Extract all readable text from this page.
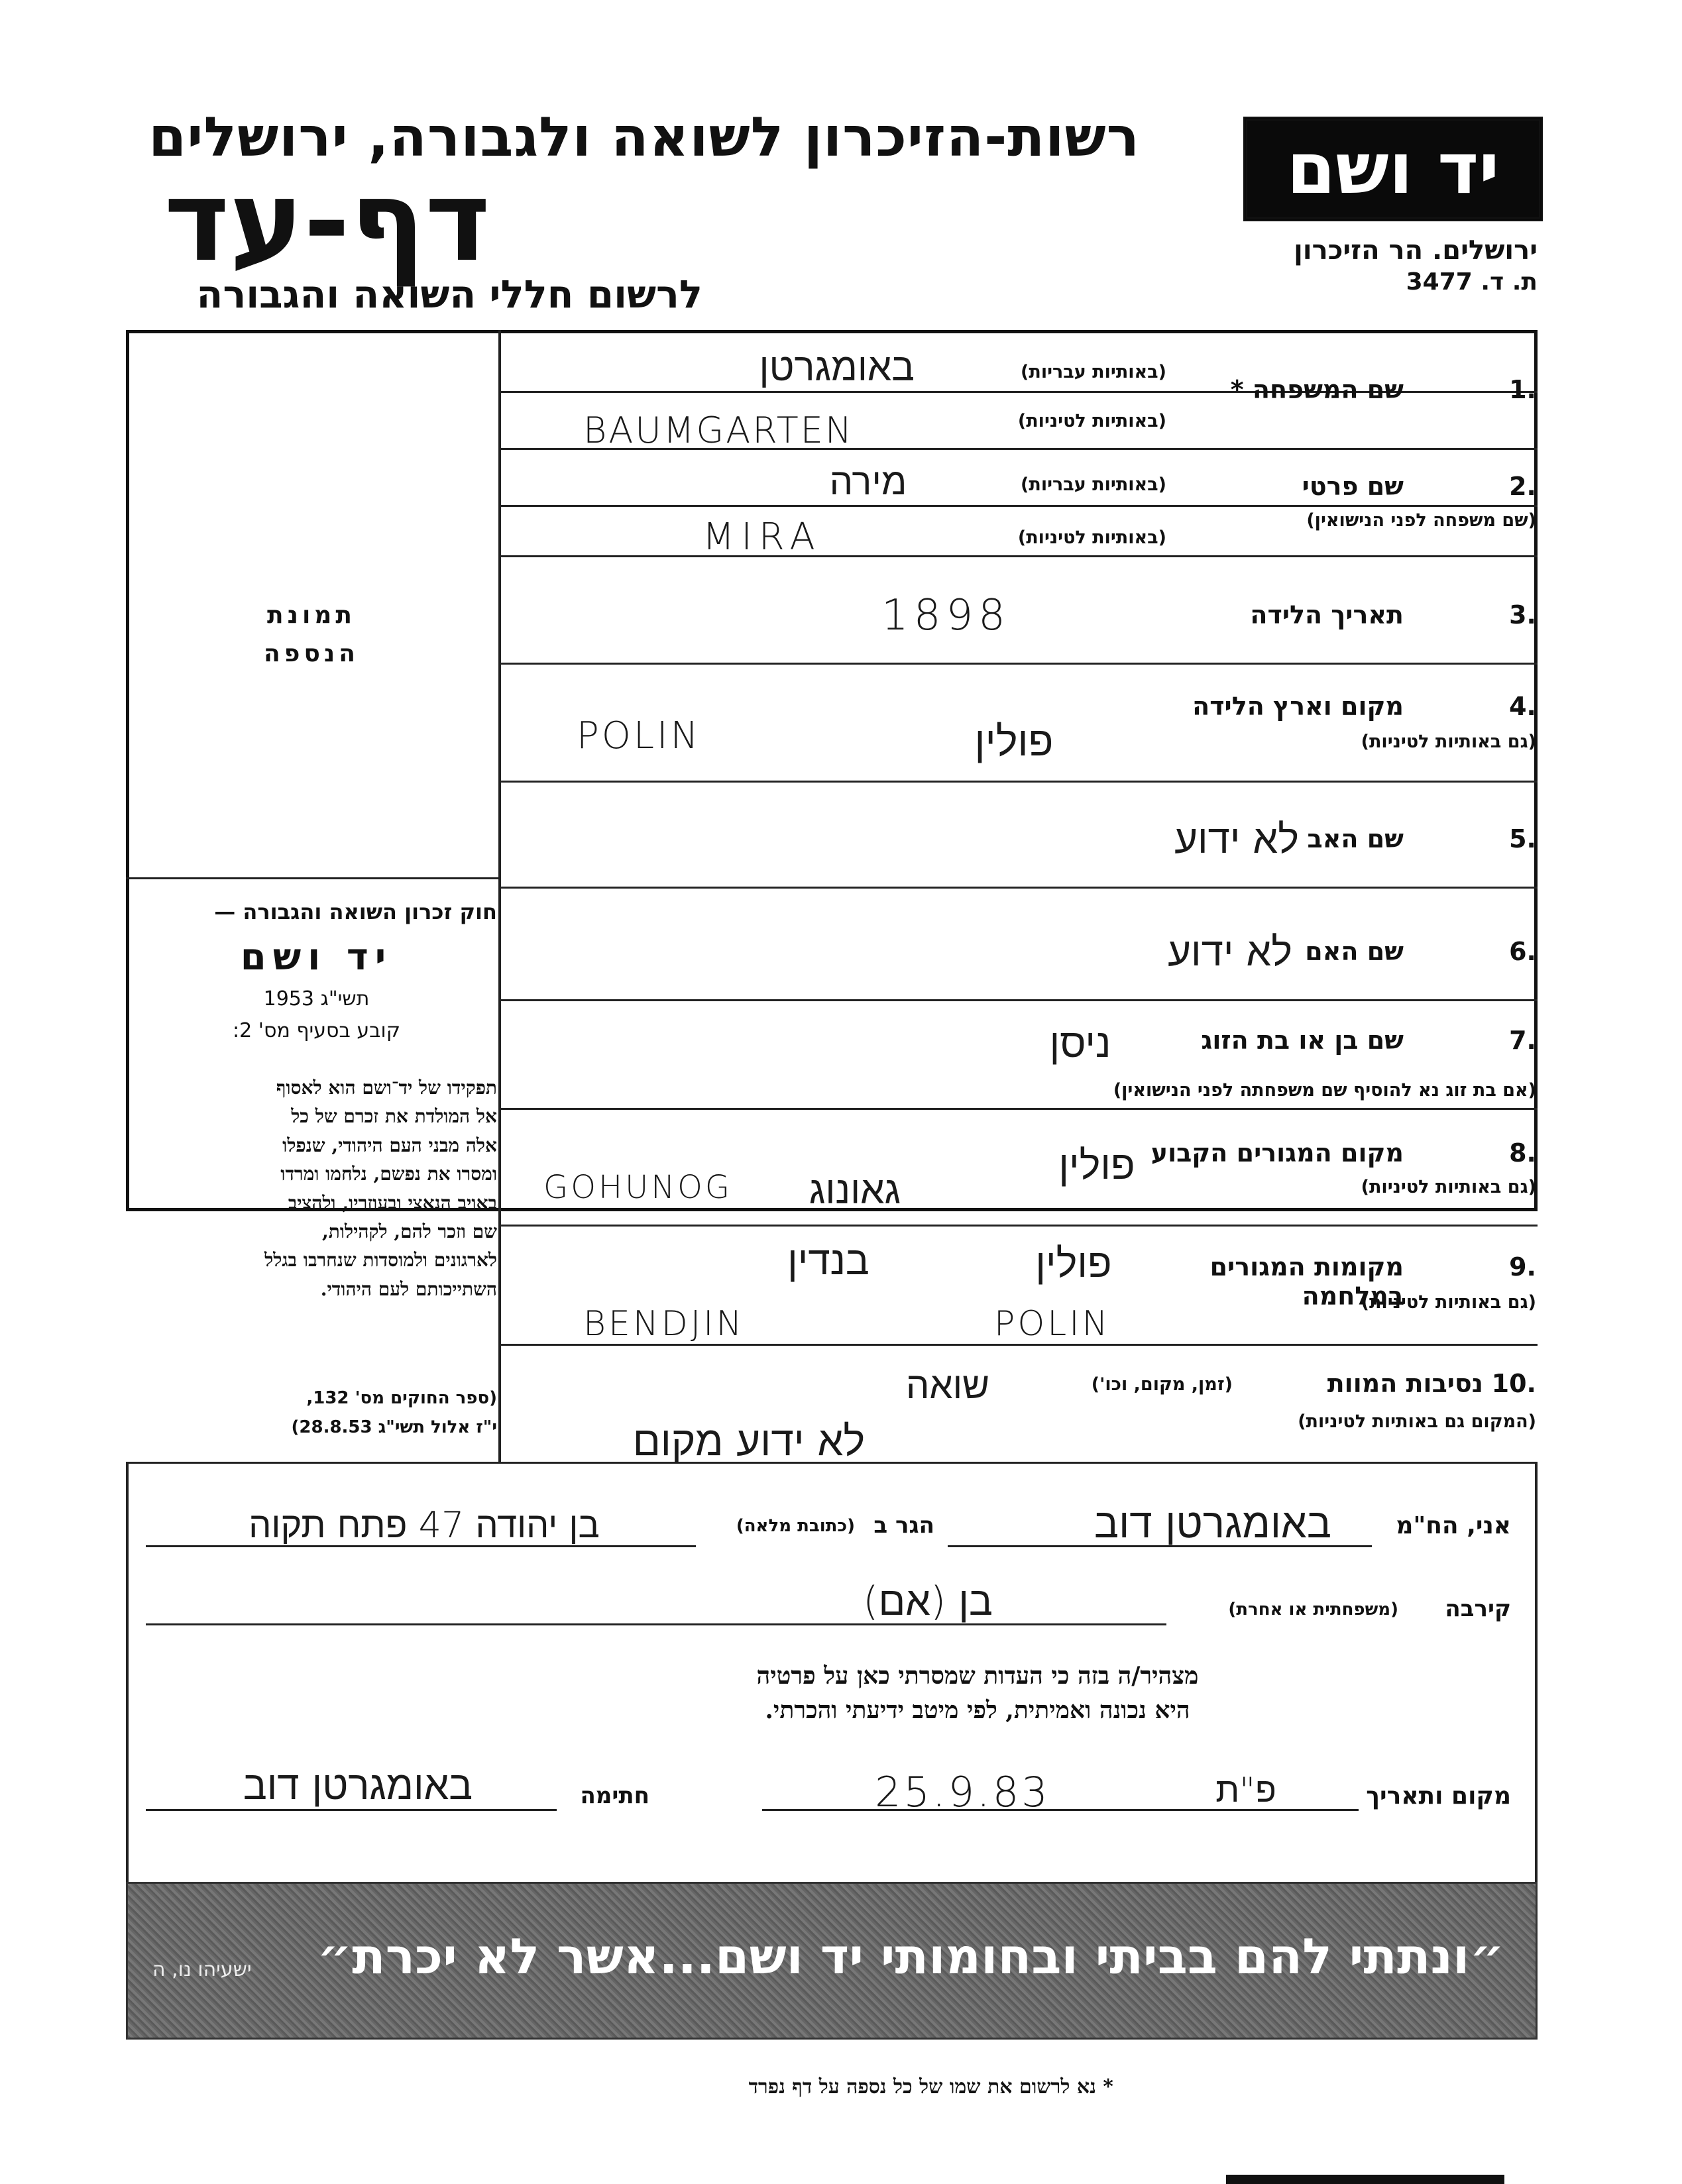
רשות-הזיכרון לשואה ולגבורה, ירושלים
דף-עד
לרשום חללי השואה והגבורה
יד ושם
ירושלים. הר הזיכרון
ת. ד. 3477
תמונת
הנספה
חוק זכרון השואה והגבורה —
יד ושם
תשי"ג 1953
קובע בסעיף מס' 2:
תפקידו של יד־ושם הוא לאסוף
אל המולדת את זכרם של כל
אלה מבני העם היהודי, שנפלו
ומסרו את נפשם, נלחמו ומרדו
באויב הנאצי ובעוזריו, ולהציב
שם וזכר להם, לקהילות,
לארגונים ולמוסדות שנחרבו בגלל
השתייכותם לעם היהודי.
(ספר החוקים מס' 132,
י"ז אלול תשי"ג 28.8.53)
1.
שם המשפחה *
(באותיות עבריות)
(באותיות לטיניות)
באומגרטן
BAUMGARTEN
2.
שם פרטי
(שם משפחה לפני הנישואין)
(באותיות עבריות)
(באותיות לטיניות)
מירה
MIRA
3.
תאריך הלידה
1898
4.
מקום וארץ הלידה
(גם באותיות לטיניות)
פולין
POLIN
5.
שם האב
לא ידוע
6.
שם האם
לא ידוע
7.
שם בן או בת הזוג
(אם בת זוג נא להוסיף שם משפחתה לפני הנישואין)
ניסן
8.
מקום המגורים הקבוע
(גם באותיות לטיניות)
פולין
גאונוג
GOHUNOG
9.
מקומות המגורים במלחמה
(גם באותיות לטיניות)
פולין
בנדין
POLIN
BENDJIN
10.
נסיבות המוות
(זמן, מקום, וכו')
(המקום גם באותיות לטיניות)
שואה
לא ידוע מקום
אני, הח"מ
באומגרטן דוב
הגר ב
(כתובת מלאה)
בן יהודה 47 פתח תקוה
קירבה
(משפחתית או אחרת)
בן (אם)
מצהיר/ה בזה כי העדות שמסרתי כאן על פרטיה
היא נכונה ואמיתית, לפי מיטב ידיעתי והכרתי.
מקום ותאריך
פ"ת
25.9.83
חתימה
באומגרטן דוב
״ונתתי להם בביתי ובחומותי יד ושם...אשר לא יכרת״
ישעיהו נו, ה
* נא לרשום את שמו של כל נספה על דף נפרד
